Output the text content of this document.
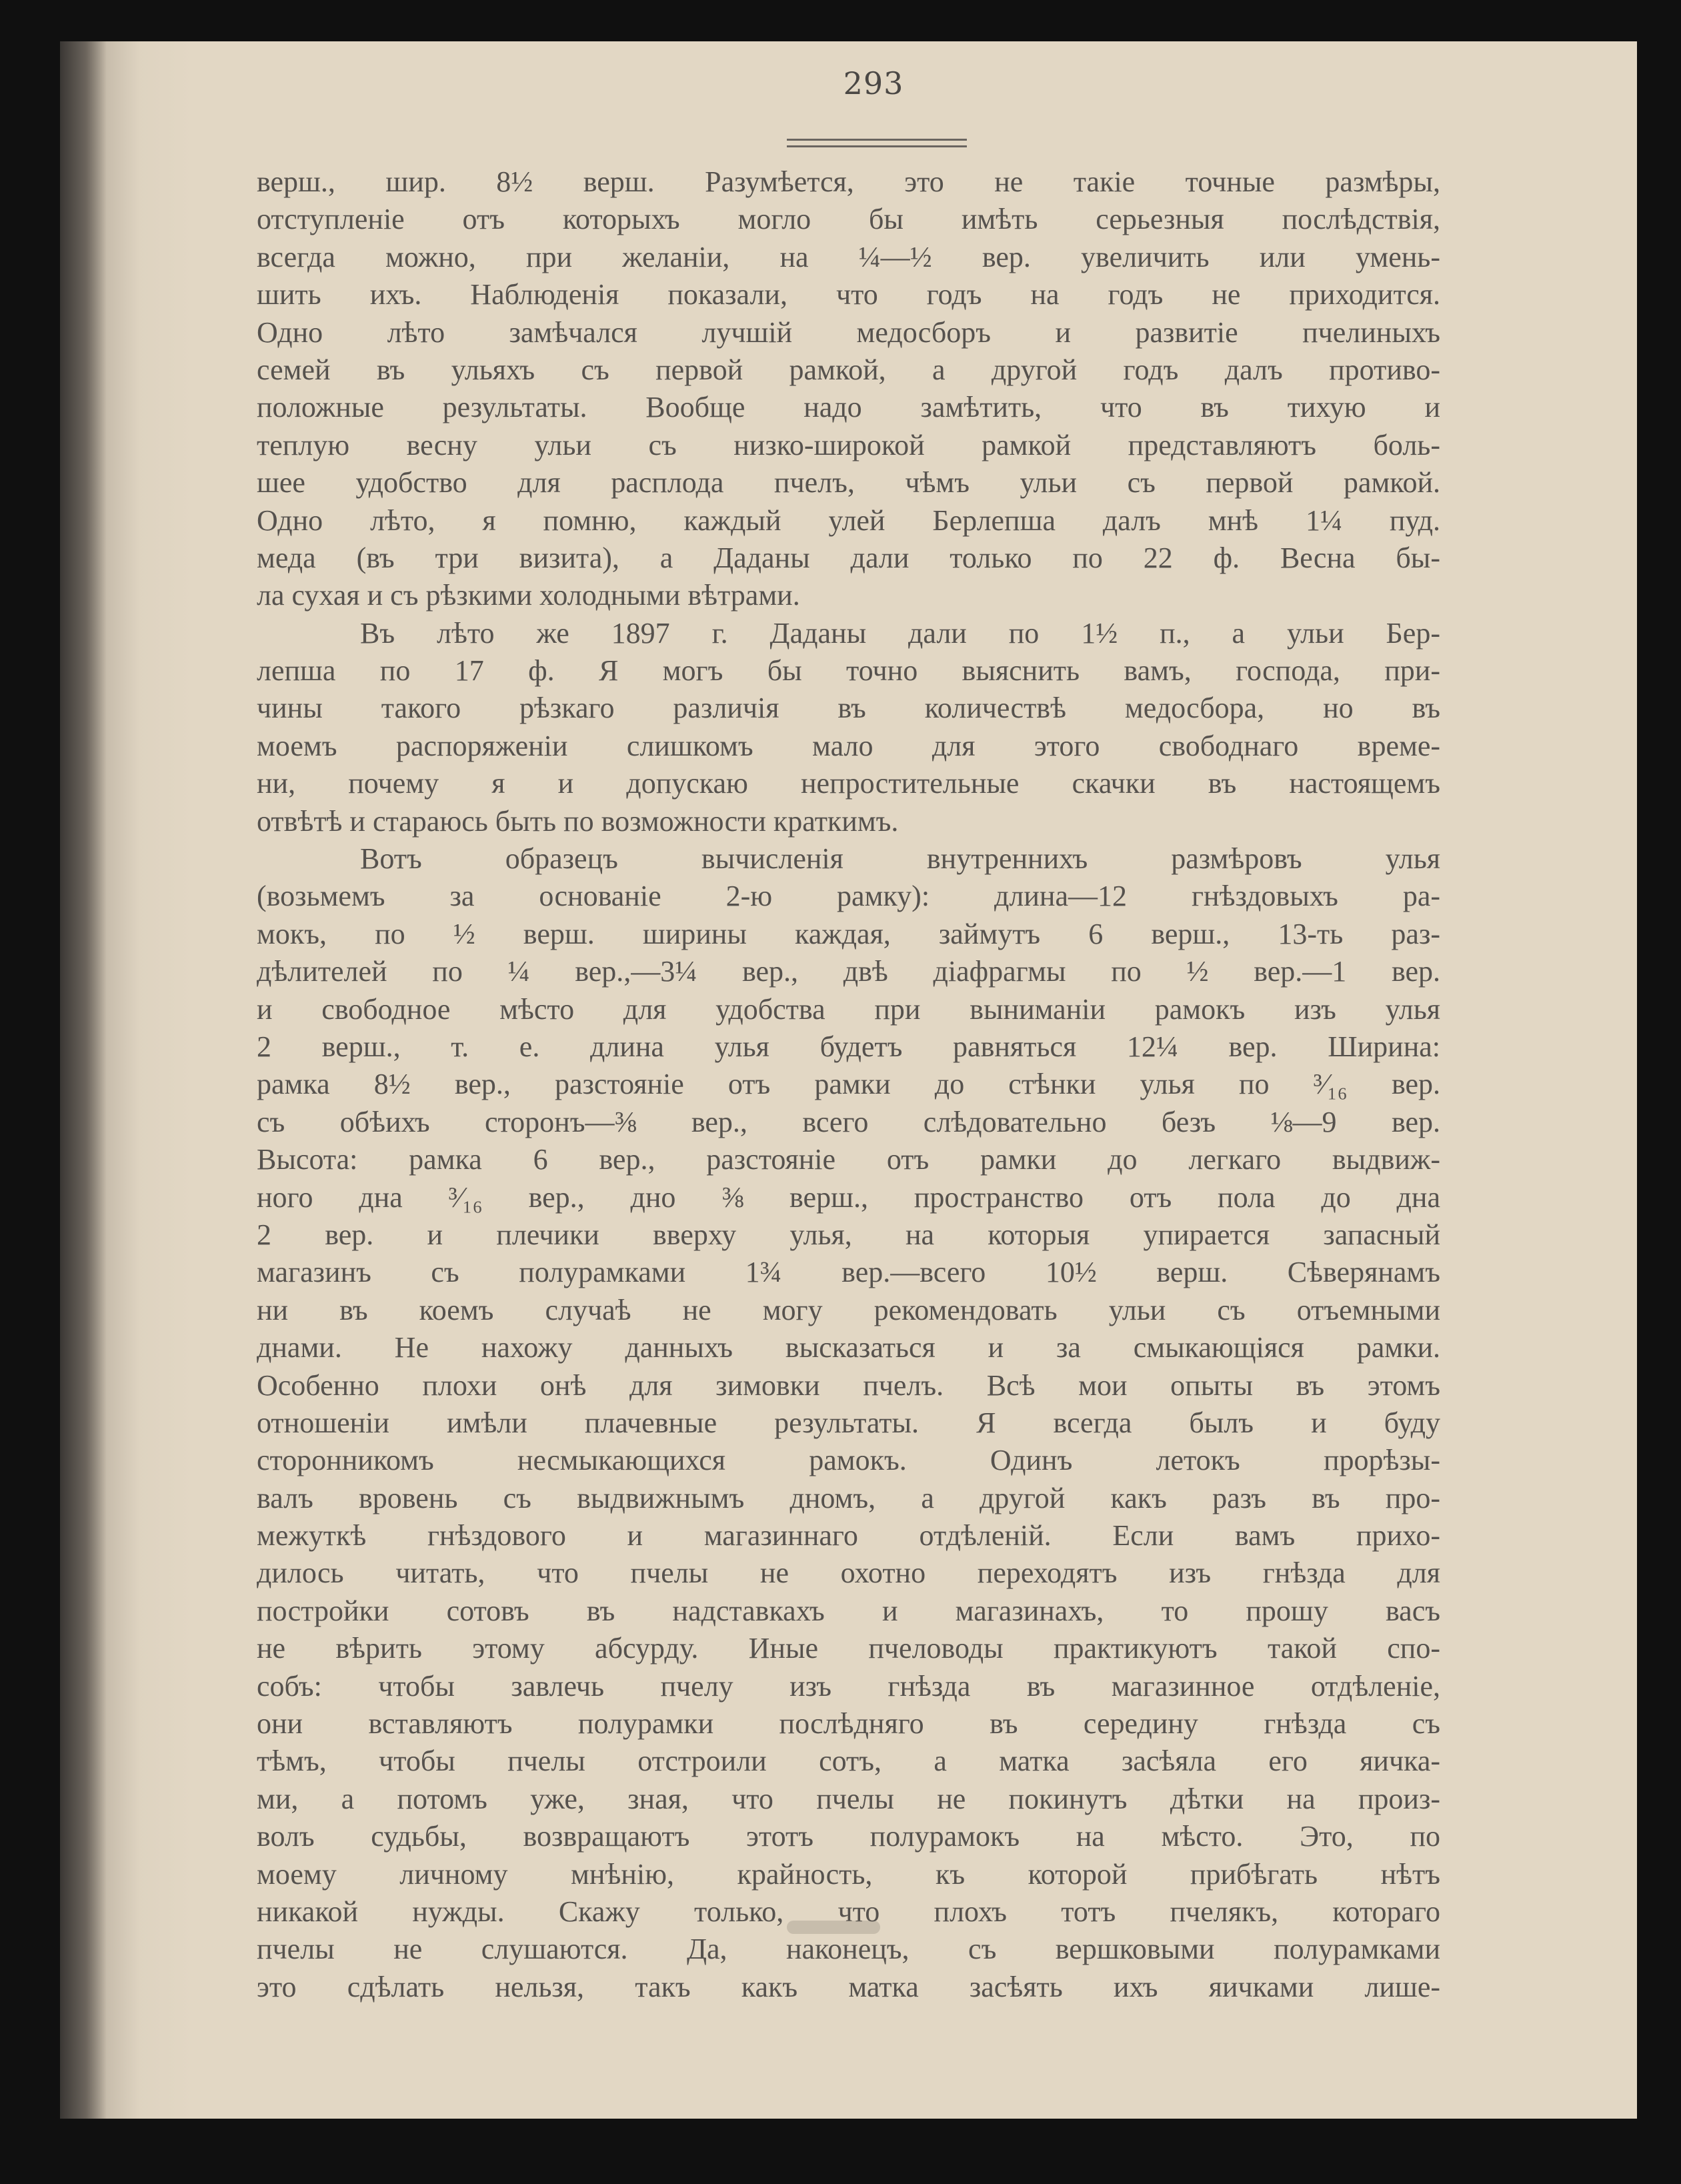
293
верш., шир. 8½ верш. Разумѣется, это не такіе точные размѣры,
отступленіе отъ которыхъ могло бы имѣть серьезныя послѣдствія,
всегда можно, при желаніи, на ¼—½ вер. увеличить или умень-
шить ихъ. Наблюденія показали, что годъ на годъ не приходится.
Одно лѣто замѣчался лучшій медосборъ и развитіе пчелиныхъ
семей въ ульяхъ съ первой рамкой, а другой годъ далъ противо-
положные результаты. Вообще надо замѣтить, что въ тихую и
теплую весну ульи съ низко-широкой рамкой представляютъ боль-
шее удобство для расплода пчелъ, чѣмъ ульи съ первой рамкой.
Одно лѣто, я помню, каждый улей Берлепша далъ мнѣ 1¼ пуд.
меда (въ три визита), а Даданы дали только по 22 ф. Весна бы-
ла сухая и съ рѣзкими холодными вѣтрами.
Въ лѣто же 1897 г. Даданы дали по 1½ п., а ульи Бер-
лепша по 17 ф. Я могъ бы точно выяснить вамъ, господа, при-
чины такого рѣзкаго различія въ количествѣ медосбора, но въ
моемъ распоряженіи слишкомъ мало для этого свободнаго време-
ни, почему я и допускаю непростительные скачки въ настоящемъ
отвѣтѣ и стараюсь быть по возможности краткимъ.
Вотъ образецъ вычисленія внутреннихъ размѣровъ улья
(возьмемъ за основаніе 2-ю рамку): длина—12 гнѣздовыхъ ра-
мокъ, по ½ верш. ширины каждая, займутъ 6 верш., 13-ть раз-
дѣлителей по ¼ вер.,—3¼ вер., двѣ діафрагмы по ½ вер.—1 вер.
и свободное мѣсто для удобства при выниманіи рамокъ изъ улья
2 верш., т. е. длина улья будетъ равняться 12¼ вер. Ширина:
рамка 8½ вер., разстояніе отъ рамки до стѣнки улья по ³⁄₁₆ вер.
съ обѣихъ сторонъ—⅜ вер., всего слѣдовательно безъ ⅛—9 вер.
Высота: рамка 6 вер., разстояніе отъ рамки до легкаго выдвиж-
ного дна ³⁄₁₆ вер., дно ⅜ верш., пространство отъ пола до дна
2 вер. и плечики вверху улья, на которыя упирается запасный
магазинъ съ полурамками 1¾ вер.—всего 10½ верш. Сѣверянамъ
ни въ коемъ случаѣ не могу рекомендовать ульи съ отъемными
днами. Не нахожу данныхъ высказаться и за смыкающіяся рамки.
Особенно плохи онѣ для зимовки пчелъ. Всѣ мои опыты въ этомъ
отношеніи имѣли плачевные результаты. Я всегда былъ и буду
сторонникомъ несмыкающихся рамокъ. Одинъ летокъ прорѣзы-
валъ вровень съ выдвижнымъ дномъ, а другой какъ разъ въ про-
межуткѣ гнѣздового и магазиннаго отдѣленій. Если вамъ прихо-
дилось читать, что пчелы не охотно переходятъ изъ гнѣзда для
постройки сотовъ въ надставкахъ и магазинахъ, то прошу васъ
не вѣрить этому абсурду. Иные пчеловоды практикуютъ такой спо-
собъ: чтобы завлечь пчелу изъ гнѣзда въ магазинное отдѣленіе,
они вставляютъ полурамки послѣдняго въ середину гнѣзда съ
тѣмъ, чтобы пчелы отстроили сотъ, а матка засѣяла его яичка-
ми, а потомъ уже, зная, что пчелы не покинутъ дѣтки на произ-
волъ судьбы, возвращаютъ этотъ полурамокъ на мѣсто. Это, по
моему личному мнѣнію, крайность, къ которой прибѣгать нѣтъ
никакой нужды. Скажу только, что плохъ тотъ пчелякъ, котораго
пчелы не слушаются. Да, наконецъ, съ вершковыми полурамками
это сдѣлать нельзя, такъ какъ матка засѣять ихъ яичками лише-
